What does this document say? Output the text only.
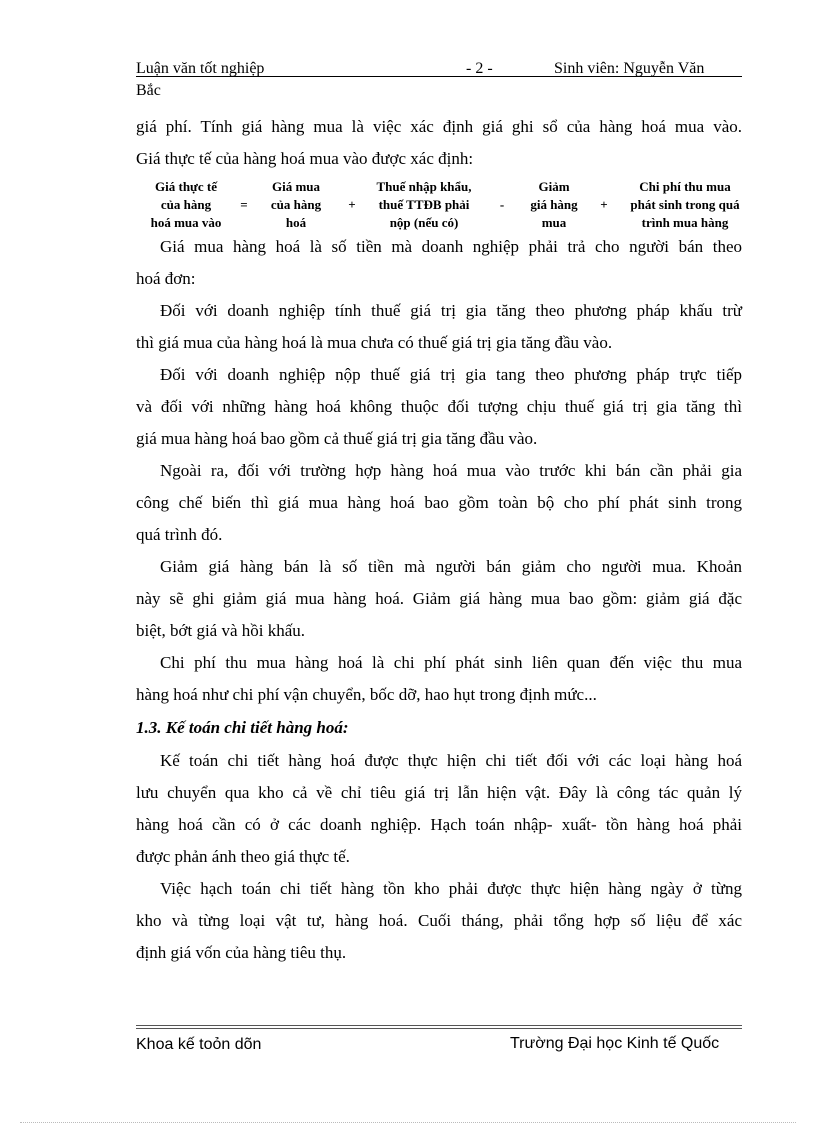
Luận văn tốt nghiệp	- 2 -	Sinh viên: Nguyễn Văn
Bắc
giá phí. Tính giá hàng mua là việc xác định giá ghi sổ của hàng hoá mua vào.
Giá thực tế của hàng hoá mua vào được xác định:
Giá thực tế
của hàng
hoá mua vào
=
Giá mua
của hàng
hoá
+
Thuế nhập khẩu,
thuế TTĐB phải
nộp (nếu có)
-
Giảm
giá hàng
mua
+
Chi phí thu mua
phát sinh trong quá
trình mua hàng
Giá mua hàng hoá là số tiền mà doanh nghiệp phải trả cho người bán theo
hoá đơn:
Đối với doanh nghiệp tính thuế giá trị gia tăng theo phương pháp khấu trừ
thì giá mua của hàng hoá là mua chưa có thuế giá trị gia tăng đầu vào.
Đối với doanh nghiệp nộp thuế giá trị gia tang theo phương pháp trực tiếp
và đối với những hàng hoá không thuộc đối tượng chịu thuế giá trị gia tăng thì
giá mua hàng hoá bao gồm cả thuế giá trị gia tăng đầu vào.
Ngoài ra, đối với trường hợp hàng hoá mua vào trước khi bán cần phải gia
công chế biến thì giá mua hàng hoá bao gồm toàn bộ cho phí phát sinh trong
quá trình đó.
Giảm giá hàng bán là số tiền mà người bán giảm cho người mua. Khoản
này sẽ ghi giảm giá mua hàng hoá. Giảm giá hàng mua bao gồm: giảm giá đặc
biệt, bớt giá và hồi khấu.
Chi phí thu mua hàng hoá là chi phí phát sinh liên quan đến việc thu mua
hàng hoá như chi phí vận chuyển, bốc dỡ, hao hụt trong định mức...
1.3. Kế toán chi tiết hàng hoá:
Kế toán chi tiết hàng hoá được thực hiện chi tiết đối với các loại hàng hoá
lưu chuyển qua kho cả về chỉ tiêu giá trị lẫn hiện vật. Đây là công tác quản lý
hàng hoá cần có ở các doanh nghiệp. Hạch toán nhập- xuất- tồn hàng hoá phải
được phản ánh theo giá thực tế.
Việc hạch toán chi tiết hàng tồn kho phải được thực hiện hàng ngày ở từng
kho và từng loại vật tư, hàng hoá. Cuối tháng, phải tổng hợp số liệu để xác
định giá vốn của hàng tiêu thụ.
Khoa kế toỏn dõn	Trường Đại học Kinh tế Quốc
